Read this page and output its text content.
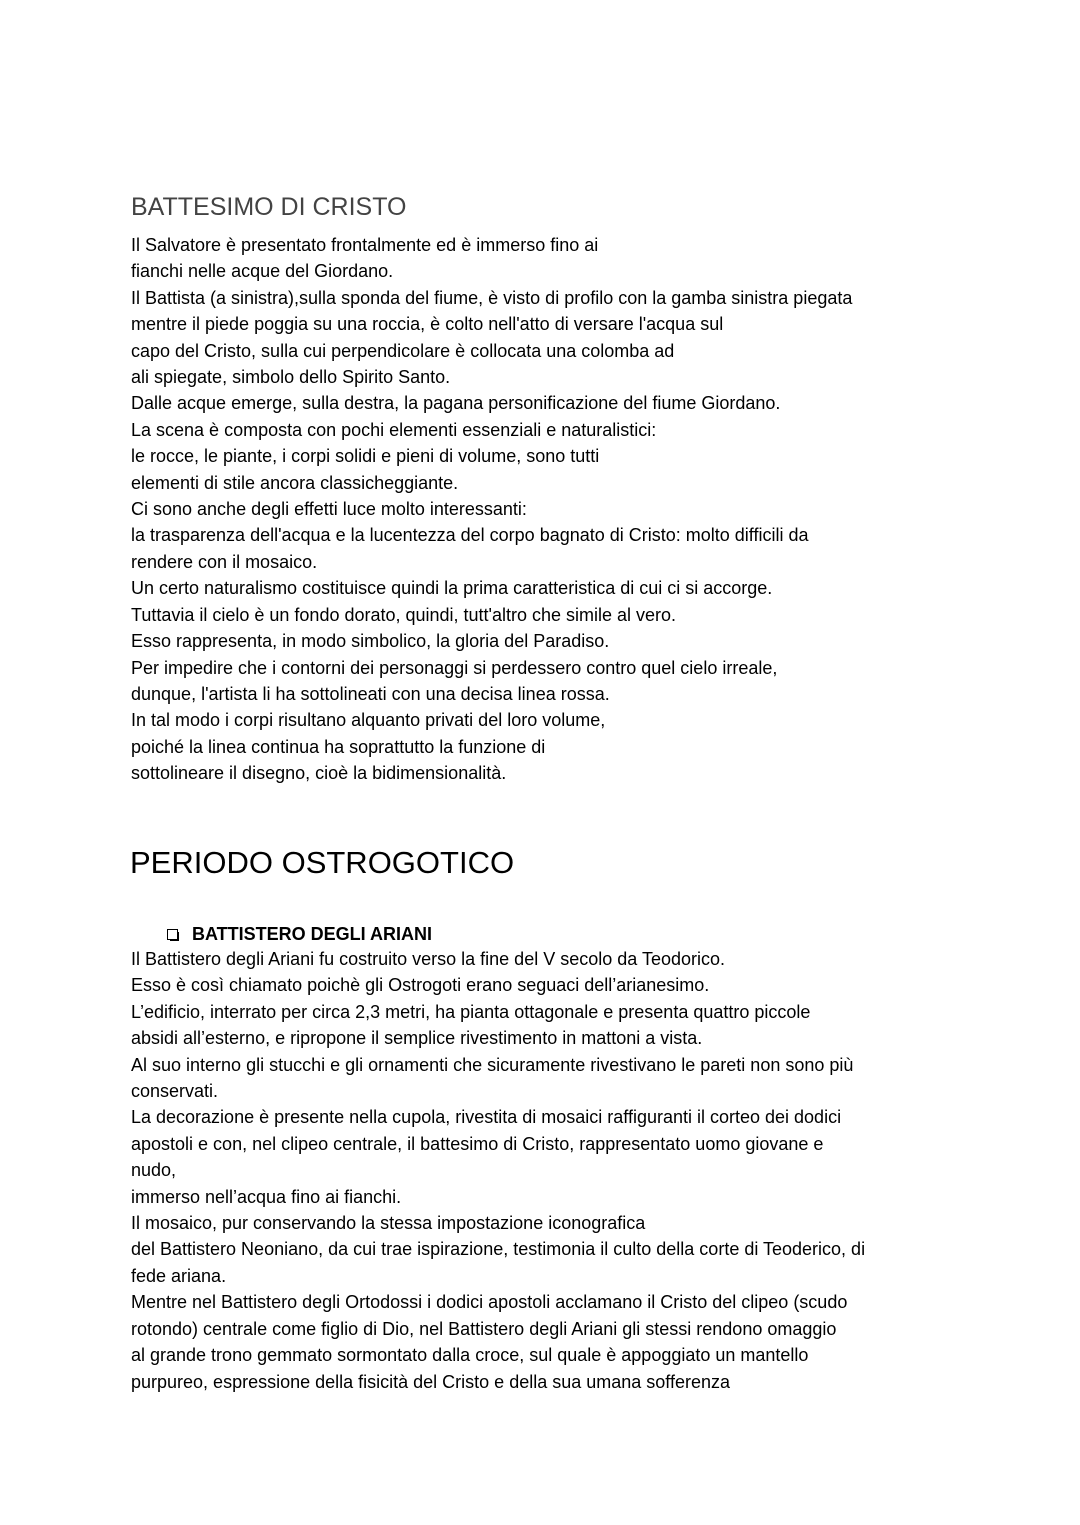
BATTESIMO DI CRISTO
Il Salvatore è presentato frontalmente ed è immerso fino ai
fianchi nelle acque del Giordano.
Il Battista (a sinistra),sulla sponda del fiume, è visto di profilo con la gamba sinistra piegata
mentre il piede poggia su una roccia, è colto nell'atto di versare l'acqua sul
capo del Cristo, sulla cui perpendicolare è collocata una colomba ad
ali spiegate, simbolo dello Spirito Santo.
Dalle acque emerge, sulla destra, la pagana personificazione del fiume Giordano.
La scena è composta con pochi elementi essenziali e naturalistici:
le rocce, le piante, i corpi solidi e pieni di volume, sono tutti
elementi di stile ancora classicheggiante.
Ci sono anche degli effetti luce molto interessanti:
la trasparenza dell'acqua e la lucentezza del corpo bagnato di Cristo: molto difficili da
rendere con il mosaico.
Un certo naturalismo costituisce quindi la prima caratteristica di cui ci si accorge.
Tuttavia il cielo è un fondo dorato, quindi, tutt'altro che simile al vero.
Esso rappresenta, in modo simbolico, la gloria del Paradiso.
Per impedire che i contorni dei personaggi si perdessero contro quel cielo irreale,
dunque, l'artista li ha sottolineati con una decisa linea rossa.
In tal modo i corpi risultano alquanto privati del loro volume,
poiché la linea continua ha soprattutto la funzione di
sottolineare il disegno, cioè la bidimensionalità.
PERIODO OSTROGOTICO
BATTISTERO DEGLI ARIANI
Il Battistero degli Ariani fu costruito verso la fine del V secolo da Teodorico.
Esso è così chiamato poichè gli Ostrogoti erano seguaci dell’arianesimo.
L’edificio, interrato per circa 2,3 metri, ha pianta ottagonale e presenta quattro piccole
absidi all’esterno, e ripropone il semplice rivestimento in mattoni a vista.
Al suo interno gli stucchi e gli ornamenti che sicuramente rivestivano le pareti non sono più
conservati.
La decorazione è presente nella cupola, rivestita di mosaici raffiguranti il corteo dei dodici
apostoli e con, nel clipeo centrale, il battesimo di Cristo, rappresentato uomo giovane e
nudo,
immerso nell’acqua fino ai fianchi.
Il mosaico, pur conservando la stessa impostazione iconografica
del Battistero Neoniano, da cui trae ispirazione, testimonia il culto della corte di Teoderico, di
fede ariana.
Mentre nel Battistero degli Ortodossi i dodici apostoli acclamano il Cristo del clipeo (scudo
rotondo) centrale come figlio di Dio, nel Battistero degli Ariani gli stessi rendono omaggio
al grande trono gemmato sormontato dalla croce, sul quale è appoggiato un mantello
purpureo, espressione della fisicità del Cristo e della sua umana sofferenza
